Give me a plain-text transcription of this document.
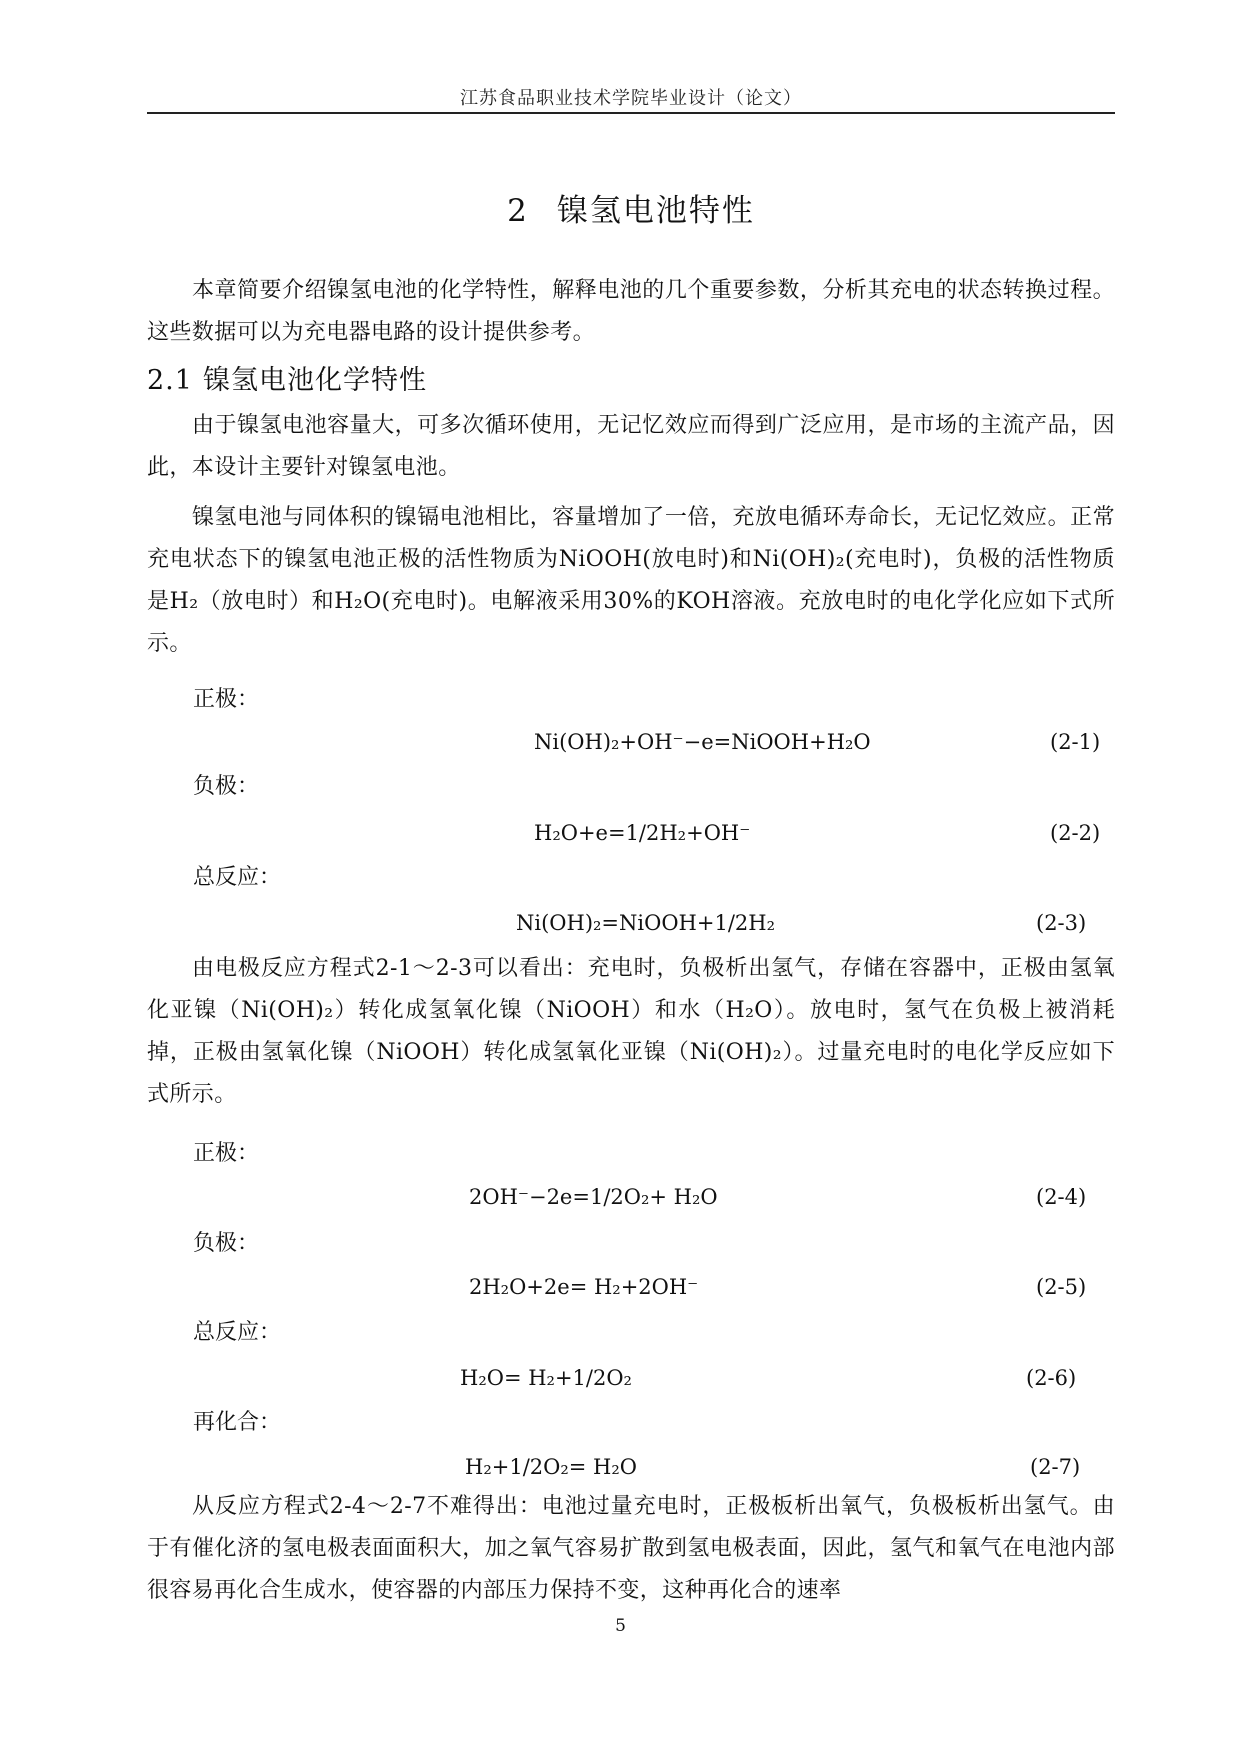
江苏食品职业技术学院毕业设计（论文）
2 镍氢电池特性
本章简要介绍镍氢电池的化学特性，解释电池的几个重要参数，分析其充电的状态转换过程。这些数据可以为充电器电路的设计提供参考。
2.1 镍氢电池化学特性
由于镍氢电池容量大，可多次循环使用，无记忆效应而得到广泛应用，是市场的主流产品，因此，本设计主要针对镍氢电池。
镍氢电池与同体积的镍镉电池相比，容量增加了一倍，充放电循环寿命长，无记忆效应。正常充电状态下的镍氢电池正极的活性物质为NiOOH(放电时)和Ni(OH)₂(充电时)，负极的活性物质是H₂（放电时）和H₂O(充电时)。电解液采用30%的KOH溶液。充放电时的电化学化应如下式所示。
正极：
Ni(OH)₂+OH⁻−e=NiOOH+H₂O	(2-1)
负极：
H₂O+e=1/2H₂+OH⁻	(2-2)
总反应：
Ni(OH)₂=NiOOH+1/2H₂	(2-3)
由电极反应方程式2-1～2-3可以看出：充电时，负极析出氢气，存储在容器中，正极由氢氧化亚镍（Ni(OH)₂）转化成氢氧化镍（NiOOH）和水（H₂O）。放电时，氢气在负极上被消耗掉，正极由氢氧化镍（NiOOH）转化成氢氧化亚镍（Ni(OH)₂）。过量充电时的电化学反应如下式所示。
正极：
2OH⁻−2e=1/2O₂+ H₂O	(2-4)
负极：
2H₂O+2e= H₂+2OH⁻	(2-5)
总反应：
H₂O= H₂+1/2O₂	(2-6)
再化合：
H₂+1/2O₂= H₂O	(2-7)
从反应方程式2-4～2-7不难得出：电池过量充电时，正极板析出氧气，负极板析出氢气。由于有催化济的氢电极表面面积大，加之氧气容易扩散到氢电极表面，因此，氢气和氧气在电池内部很容易再化合生成水，使容器的内部压力保持不变，这种再化合的速率
5
